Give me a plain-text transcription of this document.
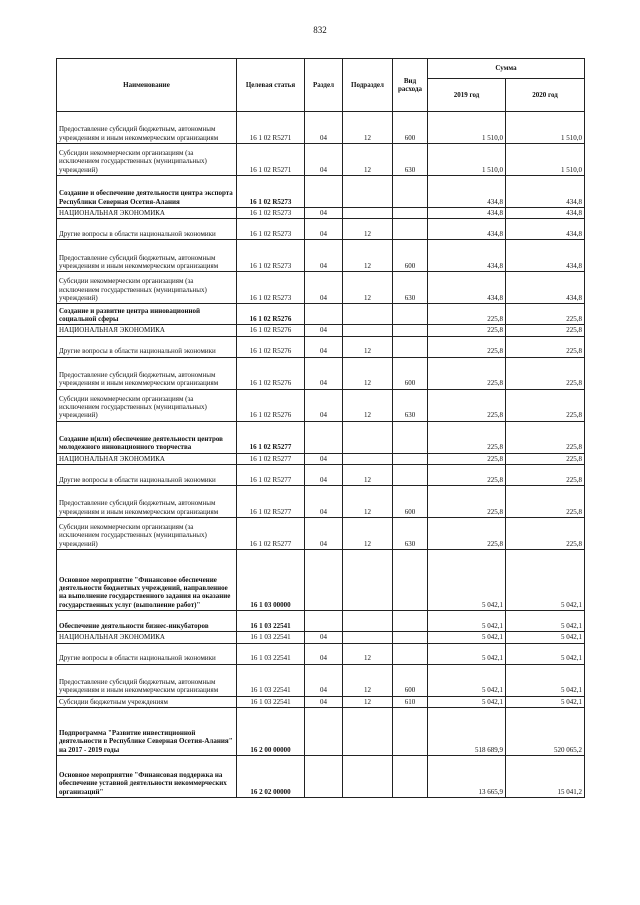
832
Наименование	Целевая статья	Раздел	Подраздел	Вид расхода	Сумма	
					2019 год	2020 год
Предоставление субсидий бюджетным, автономным учреждениям и иным некоммерческим организациям	16 1 02 R5271	04	12	600	1 510,0	1 510,0
Субсидии некоммерческим организациям (за исключением государственных (муниципальных) учреждений)	16 1 02 R5271	04	12	630	1 510,0	1 510,0
Создание и обеспечение деятельности центра экспорта Республики Северная Осетия-Алания	16 1 02 R5273				434,8	434,8
НАЦИОНАЛЬНАЯ ЭКОНОМИКА	16 1 02 R5273	04			434,8	434,8
Другие вопросы в области национальной экономики	16 1 02 R5273	04	12		434,8	434,8
Предоставление субсидий бюджетным, автономным учреждениям и иным некоммерческим организациям	16 1 02 R5273	04	12	600	434,8	434,8
Субсидии некоммерческим организациям (за исключением государственных (муниципальных) учреждений)	16 1 02 R5273	04	12	630	434,8	434,8
Создание и развитие центра инновационной социальной сферы	16 1 02 R5276				225,8	225,8
НАЦИОНАЛЬНАЯ ЭКОНОМИКА	16 1 02 R5276	04			225,8	225,8
Другие вопросы в области национальной экономики	16 1 02 R5276	04	12		225,8	225,8
Предоставление субсидий бюджетным, автономным учреждениям и иным некоммерческим организациям	16 1 02 R5276	04	12	600	225,8	225,8
Субсидии некоммерческим организациям (за исключением государственных (муниципальных) учреждений)	16 1 02 R5276	04	12	630	225,8	225,8
Создание и(или) обеспечение деятельности центров молодежного инновационного творчества	16 1 02 R5277				225,8	225,8
НАЦИОНАЛЬНАЯ ЭКОНОМИКА	16 1 02 R5277	04			225,8	225,8
Другие вопросы в области национальной экономики	16 1 02 R5277	04	12		225,8	225,8
Предоставление субсидий бюджетным, автономным учреждениям и иным некоммерческим организациям	16 1 02 R5277	04	12	600	225,8	225,8
Субсидии некоммерческим организациям (за исключением государственных (муниципальных) учреждений)	16 1 02 R5277	04	12	630	225,8	225,8
Основное мероприятие "Финансовое обеспечение деятельности бюджетных учреждений, направленное на выполнение государственного задания на оказание государственных услуг (выполнение работ)"	16 1 03 00000				5 042,1	5 042,1
Обеспечение деятельности бизнес-инкубаторов	16 1 03 22541				5 042,1	5 042,1
НАЦИОНАЛЬНАЯ ЭКОНОМИКА	16 1 03 22541	04			5 042,1	5 042,1
Другие вопросы в области национальной экономики	16 1 03 22541	04	12		5 042,1	5 042,1
Предоставление субсидий бюджетным, автономным учреждениям и иным некоммерческим организациям	16 1 03 22541	04	12	600	5 042,1	5 042,1
Субсидии бюджетным учреждениям	16 1 03 22541	04	12	610	5 042,1	5 042,1
Подпрограмма "Развитие инвестиционной деятельности в Республике Северная Осетия-Алания" на 2017 - 2019 годы	16 2 00 00000				518 689,9	520 065,2
Основное мероприятие "Финансовая поддержка на обеспечение уставной деятельности некоммерческих организаций"	16 2 02 00000				13 665,9	15 041,2
